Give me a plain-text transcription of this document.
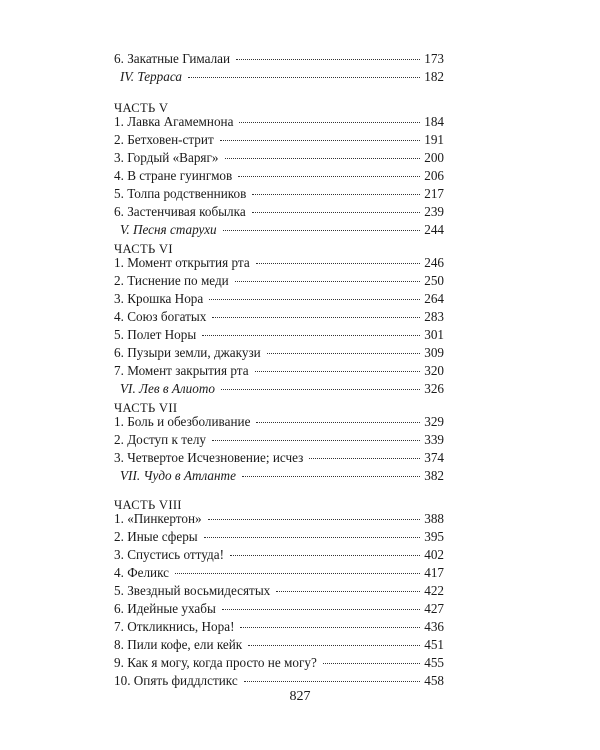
6. Закатные Гималаи	173
IV. Терраса	182
ЧАСТЬ V
1. Лавка Агамемнона	184
2. Бетховен-стрит	191
3. Гордый «Варяг»	200
4. В стране гуингмов	206
5. Толпа родственников	217
6. Застенчивая кобылка	239
V. Песня старухи	244
ЧАСТЬ VI
1. Момент открытия рта	246
2. Тиснение по меди	250
3. Крошка Нора	264
4. Союз богатых	283
5. Полет Норы	301
6. Пузыри земли, джакузи	309
7. Момент закрытия рта	320
VI. Лев в Алиото	326
ЧАСТЬ VII
1. Боль и обезболивание	329
2. Доступ к телу	339
3. Четвертое Исчезновение; исчез	374
VII. Чудо в Атланте	382
ЧАСТЬ VIII
1. «Пинкертон»	388
2. Иные сферы	395
3. Спустись оттуда!	402
4. Феликс	417
5. Звездный восьмидесятых	422
6. Идейные ухабы	427
7. Откликнись, Нора!	436
8. Пили кофе, ели кейк	451
9. Как я могу, когда просто не могу?	455
10. Опять фиддлстикс	458
827
